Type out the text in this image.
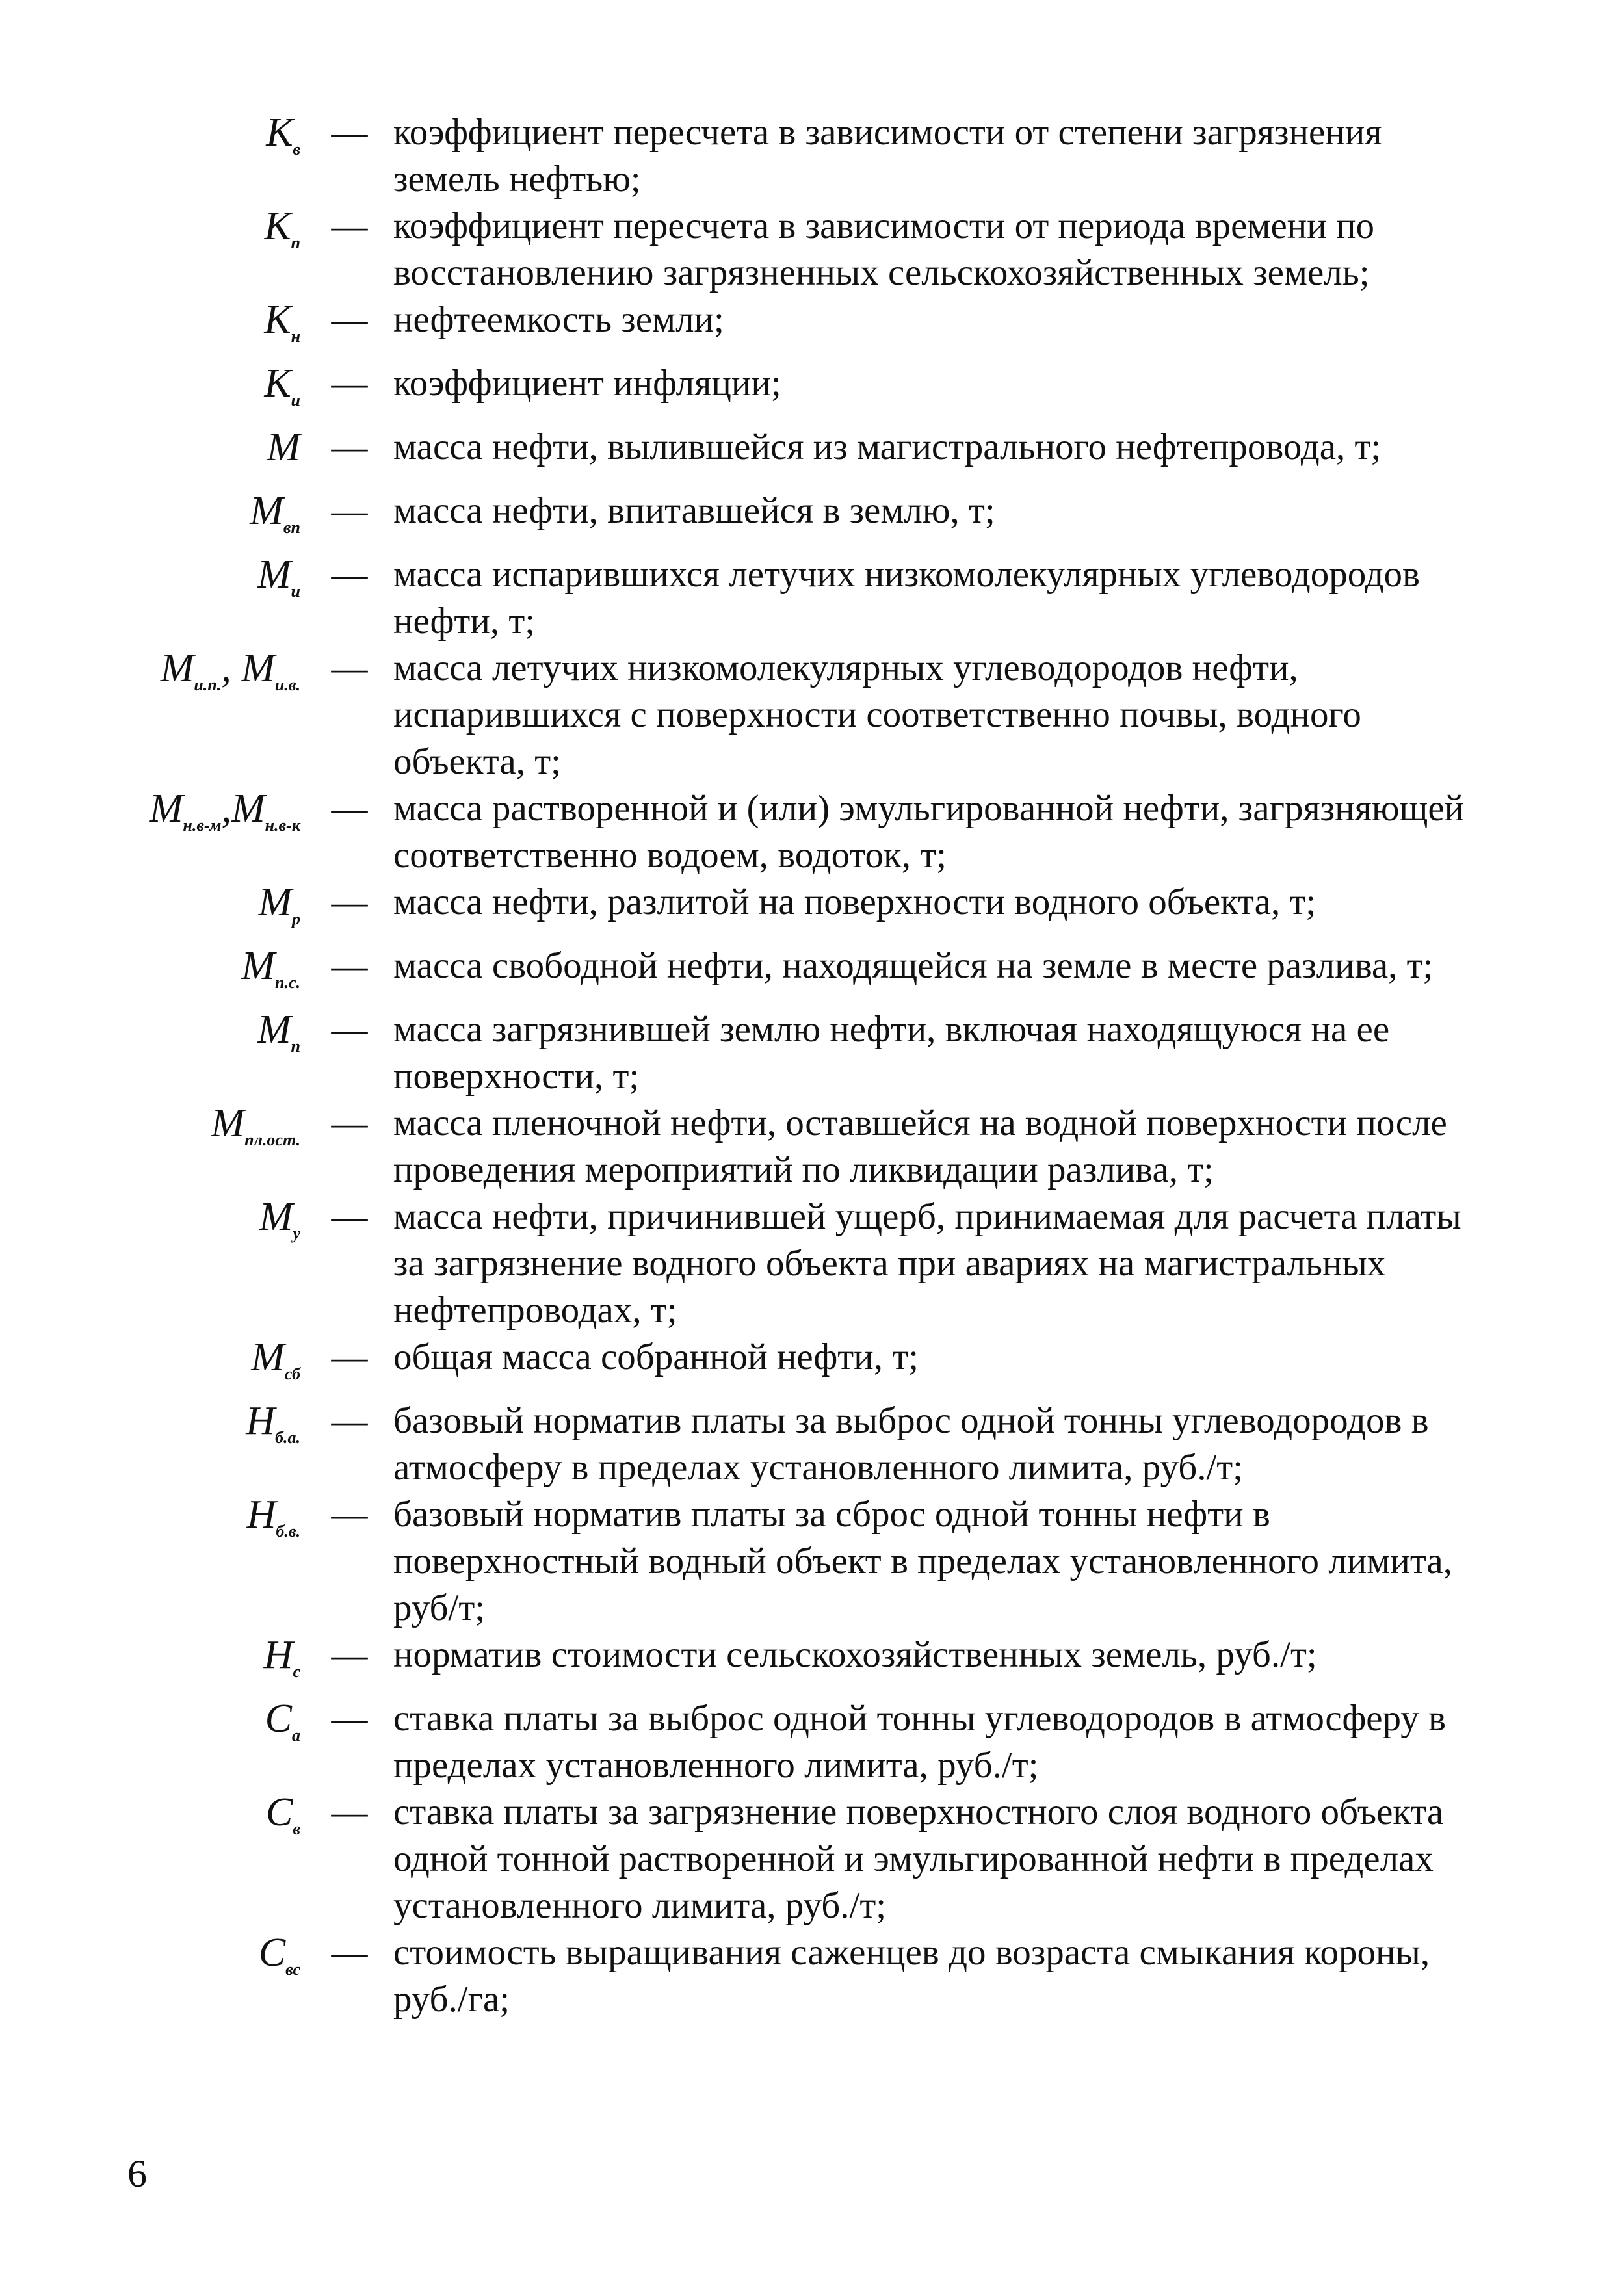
$К_в$ — коэффициент пересчета в зависимости от степени загрязнения земель нефтью;
$К_п$ — коэффициент пересчета в зависимости от периода времени по восстановлению загрязненных сельскохозяйственных земель;
$К_н$ — нефтеемкость земли;
$К_и$ — коэффициент инфляции;
М — масса нефти, вылившейся из магистрального нефтепровода, т;
$М_{вп}$ — масса нефти, впитавшейся в землю, т;
$М_и$ — масса испарившихся летучих низкомолекулярных углеводородов нефти, т;
$М_{и.п.}$, $М_{и.в.}$ — масса летучих низкомолекулярных углеводородов нефти, испарившихся с поверхности соответственно почвы, водного объекта, т;
$М_{н.в-м},М_{н.в-к}$ — масса растворенной и (или) эмульгированной нефти, загрязняющей соответственно водоем, водоток, т;
$М_р$ — масса нефти, разлитой на поверхности водного объекта, т;
$М_{п.с.}$ — масса свободной нефти, находящейся на земле в месте разлива, т;
$М_п$ — масса загрязнившей землю нефти, включая находящуюся на ее поверхности, т;
$М_{пл.ост.}$ — масса пленочной нефти, оставшейся на водной поверхности после проведения мероприятий по ликвидации разлива, т;
$М_у$ — масса нефти, причинившей ущерб, принимаемая для расчета платы за загрязнение водного объекта при авариях на магистральных нефтепроводах, т;
$М_{сб}$ — общая масса собранной нефти, т;
$Н_{б.а.}$ — базовый норматив платы за выброс одной тонны углеводородов в атмосферу в пределах установленного лимита, руб./т;
$Н_{б.в.}$ — базовый норматив платы за сброс одной тонны нефти в поверхностный водный объект в пределах установленного лимита, руб/т;
$Н_с$ — норматив стоимости сельскохозяйственных земель, руб./т;
$С_а$ — ставка платы за выброс одной тонны углеводородов в атмосферу в пределах установленного лимита, руб./т;
$С_в$ — ставка платы за загрязнение поверхностного слоя водного объекта одной тонной растворенной и эмульгированной нефти в пределах установленного лимита, руб./т;
$С_{вс}$ — стоимость выращивания саженцев до возраста смыкания короны, руб./га;
6
